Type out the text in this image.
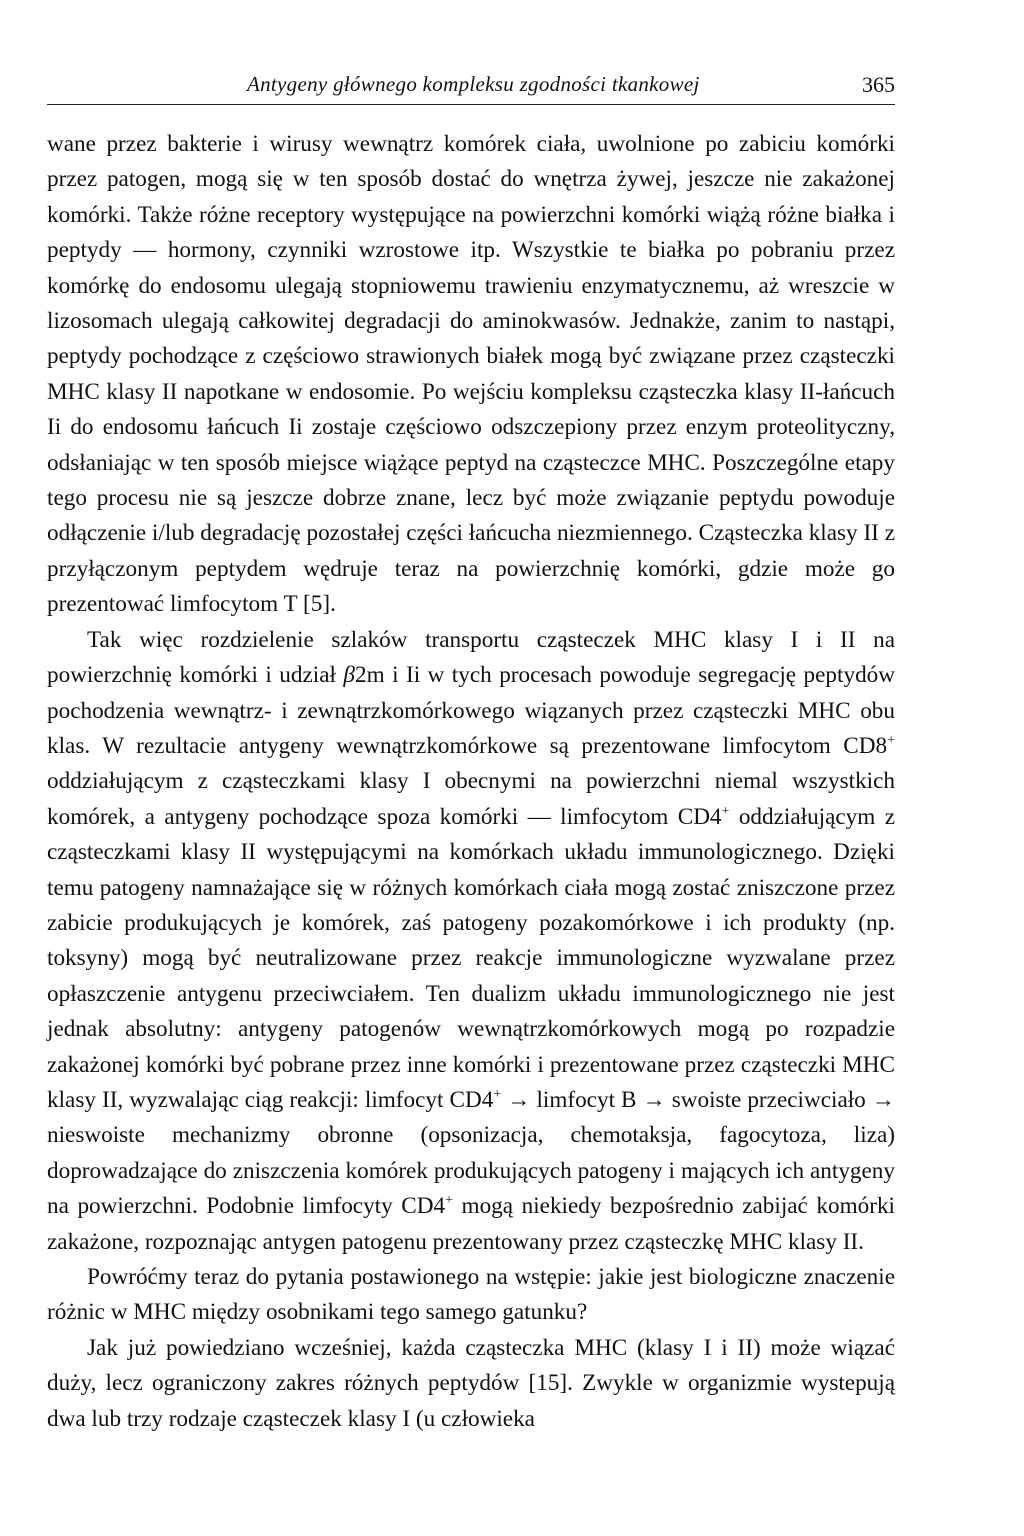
Antygeny głównego kompleksu zgodności tkankowej	365

wane przez bakterie i wirusy wewnątrz komórek ciała, uwolnione po zabiciu komórki przez patogen, mogą się w ten sposób dostać do wnętrza żywej, jeszcze nie zakażonej komórki. Także różne receptory występujące na powierzchni komórki wiążą różne białka i peptydy — hormony, czynniki wzrostowe itp. Wszystkie te białka po pobraniu przez komórkę do endosomu ulegają stopniowemu trawieniu enzymatycznemu, aż wreszcie w lizosomach ulegają całkowitej degradacji do aminokwasów. Jednakże, zanim to nastąpi, peptydy pochodzące z częściowo strawionych białek mogą być związane przez cząsteczki MHC klasy II napotkane w endosomie. Po wejściu kompleksu cząsteczka klasy II-łańcuch Ii do endosomu łańcuch Ii zostaje częściowo odszczepiony przez enzym proteolityczny, odsłaniając w ten sposób miejsce wiążące peptyd na cząsteczce MHC. Poszczególne etapy tego procesu nie są jeszcze dobrze znane, lecz być może związanie peptydu powoduje odłączenie i/lub degradację pozostałej części łańcucha niezmiennego. Cząsteczka klasy II z przyłączonym peptydem wędruje teraz na powierzchnię komórki, gdzie może go prezentować limfocytom T [5].

Tak więc rozdzielenie szlaków transportu cząsteczek MHC klasy I i II na powierzchnię komórki i udział β2m i Ii w tych procesach powoduje segregację peptydów pochodzenia wewnątrz- i zewnątrzkomórkowego wiązanych przez cząsteczki MHC obu klas. W rezultacie antygeny wewnątrzkomórkowe są prezentowane limfocytom CD8+ oddziałującym z cząsteczkami klasy I obecnymi na powierzchni niemal wszystkich komórek, a antygeny pochodzące spoza komórki — limfocytom CD4+ oddziałującym z cząsteczkami klasy II występującymi na komórkach układu immunologicznego. Dzięki temu patogeny namnażające się w różnych komórkach ciała mogą zostać zniszczone przez zabicie produkujących je komórek, zaś patogeny pozakomórkowe i ich produkty (np. toksyny) mogą być neutralizowane przez reakcje immunologiczne wyzwalane przez opłaszczenie antygenu przeciwciałem. Ten dualizm układu immunologicznego nie jest jednak absolutny: antygeny patogenów wewnątrzkomórkowych mogą po rozpadzie zakażonej komórki być pobrane przez inne komórki i prezentowane przez cząsteczki MHC klasy II, wyzwalając ciąg reakcji: limfocyt CD4+ → limfocyt B → swoiste przeciwciało → nieswoiste mechanizmy obronne (opsonizacja, chemotaksja, fagocytoza, liza) doprowadzające do zniszczenia komórek produkujących patogeny i mających ich antygeny na powierzchni. Podobnie limfocyty CD4+ mogą niekiedy bezpośrednio zabijać komórki zakażone, rozpoznając antygen patogenu prezentowany przez cząsteczkę MHC klasy II.

Powróćmy teraz do pytania postawionego na wstępie: jakie jest biologiczne znaczenie różnic w MHC między osobnikami tego samego gatunku?

Jak już powiedziano wcześniej, każda cząsteczka MHC (klasy I i II) może wiązać duży, lecz ograniczony zakres różnych peptydów [15]. Zwykle w organizmie wystepują dwa lub trzy rodzaje cząsteczek klasy I (u człowieka
